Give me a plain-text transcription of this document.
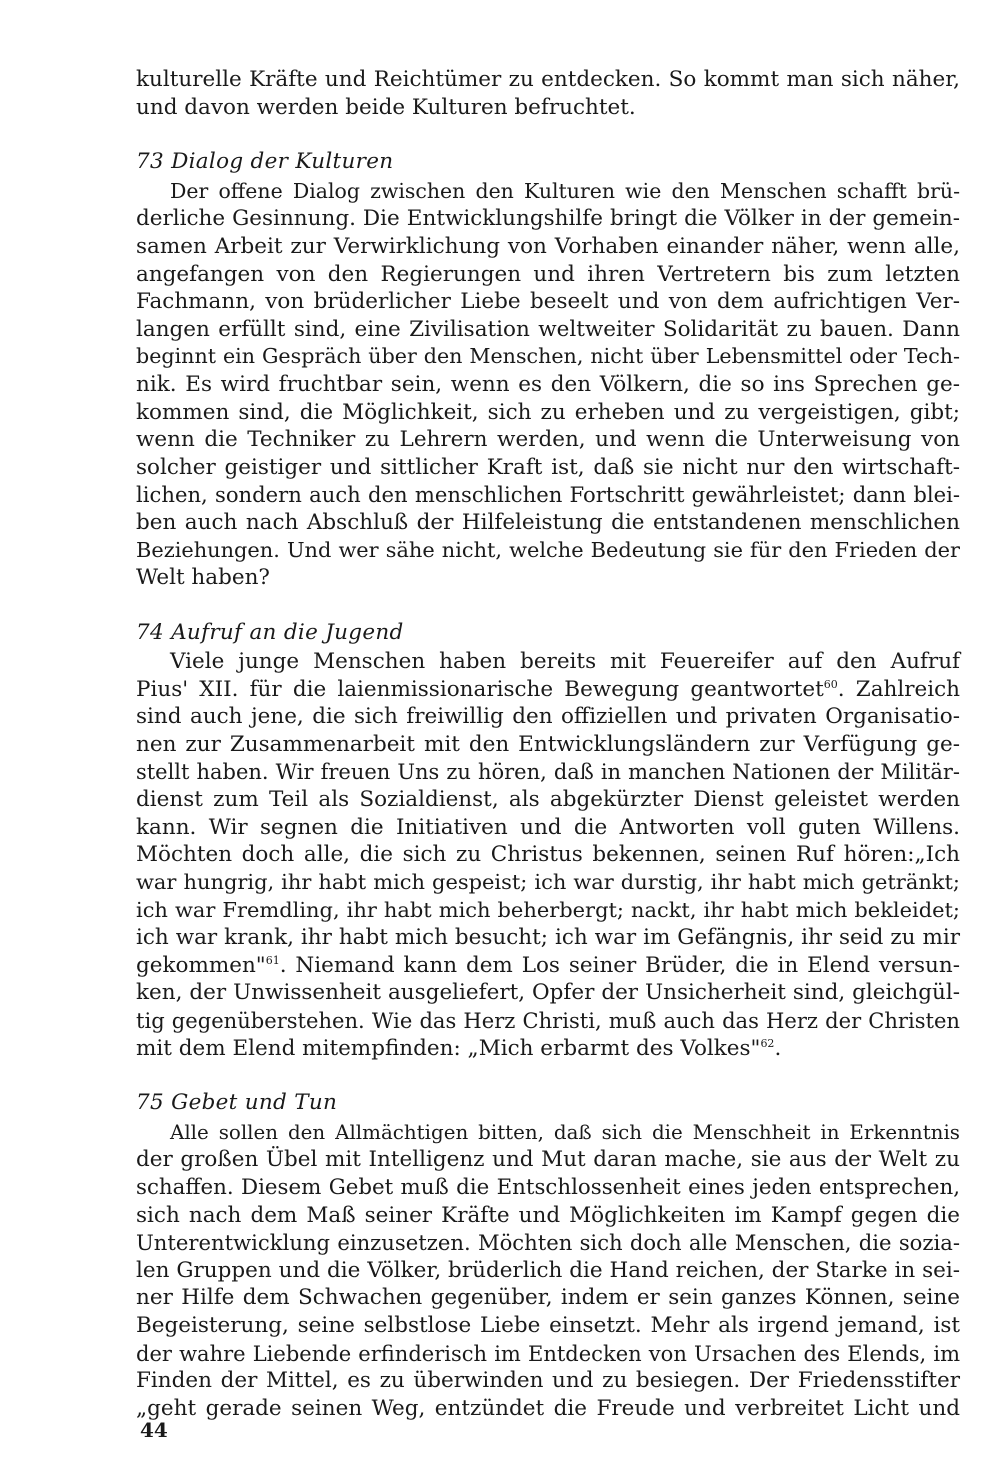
kulturelle Kräfte und Reichtümer zu entdecken. So kommt man sich näher,
und davon werden beide Kulturen befruchtet.
73 Dialog der Kulturen
Der offene Dialog zwischen den Kulturen wie den Menschen schafft brü-
derliche Gesinnung. Die Entwicklungshilfe bringt die Völker in der gemein-
samen Arbeit zur Verwirklichung von Vorhaben einander näher, wenn alle,
angefangen von den Regierungen und ihren Vertretern bis zum letzten
Fachmann, von brüderlicher Liebe beseelt und von dem aufrichtigen Ver-
langen erfüllt sind, eine Zivilisation weltweiter Solidarität zu bauen. Dann
beginnt ein Gespräch über den Menschen, nicht über Lebensmittel oder Tech-
nik. Es wird fruchtbar sein, wenn es den Völkern, die so ins Sprechen ge-
kommen sind, die Möglichkeit, sich zu erheben und zu vergeistigen, gibt;
wenn die Techniker zu Lehrern werden, und wenn die Unterweisung von
solcher geistiger und sittlicher Kraft ist, daß sie nicht nur den wirtschaft-
lichen, sondern auch den menschlichen Fortschritt gewährleistet; dann blei-
ben auch nach Abschluß der Hilfeleistung die entstandenen menschlichen
Beziehungen. Und wer sähe nicht, welche Bedeutung sie für den Frieden der
Welt haben?
74 Aufruf an die Jugend
Viele junge Menschen haben bereits mit Feuereifer auf den Aufruf
Pius' XII. für die laienmissionarische Bewegung geantwortet$^{60}$. Zahlreich
sind auch jene, die sich freiwillig den offiziellen und privaten Organisatio-
nen zur Zusammenarbeit mit den Entwicklungsländern zur Verfügung ge-
stellt haben. Wir freuen Uns zu hören, daß in manchen Nationen der Militär-
dienst zum Teil als Sozialdienst, als abgekürzter Dienst geleistet werden
kann. Wir segnen die Initiativen und die Antworten voll guten Willens.
Möchten doch alle, die sich zu Christus bekennen, seinen Ruf hören:„Ich
war hungrig, ihr habt mich gespeist; ich war durstig, ihr habt mich getränkt;
ich war Fremdling, ihr habt mich beherbergt; nackt, ihr habt mich bekleidet;
ich war krank, ihr habt mich besucht; ich war im Gefängnis, ihr seid zu mir
gekommen"$^{61}$. Niemand kann dem Los seiner Brüder, die in Elend versun-
ken, der Unwissenheit ausgeliefert, Opfer der Unsicherheit sind, gleichgül-
tig gegenüberstehen. Wie das Herz Christi, muß auch das Herz der Christen
mit dem Elend mitempfinden: „Mich erbarmt des Volkes"$^{62}$.
75 Gebet und Tun
Alle sollen den Allmächtigen bitten, daß sich die Menschheit in Erkenntnis
der großen Übel mit Intelligenz und Mut daran mache, sie aus der Welt zu
schaffen. Diesem Gebet muß die Entschlossenheit eines jeden entsprechen,
sich nach dem Maß seiner Kräfte und Möglichkeiten im Kampf gegen die
Unterentwicklung einzusetzen. Möchten sich doch alle Menschen, die sozia-
len Gruppen und die Völker, brüderlich die Hand reichen, der Starke in sei-
ner Hilfe dem Schwachen gegenüber, indem er sein ganzes Können, seine
Begeisterung, seine selbstlose Liebe einsetzt. Mehr als irgend jemand, ist
der wahre Liebende erfinderisch im Entdecken von Ursachen des Elends, im
Finden der Mittel, es zu überwinden und zu besiegen. Der Friedensstifter
„geht gerade seinen Weg, entzündet die Freude und verbreitet Licht und
44
